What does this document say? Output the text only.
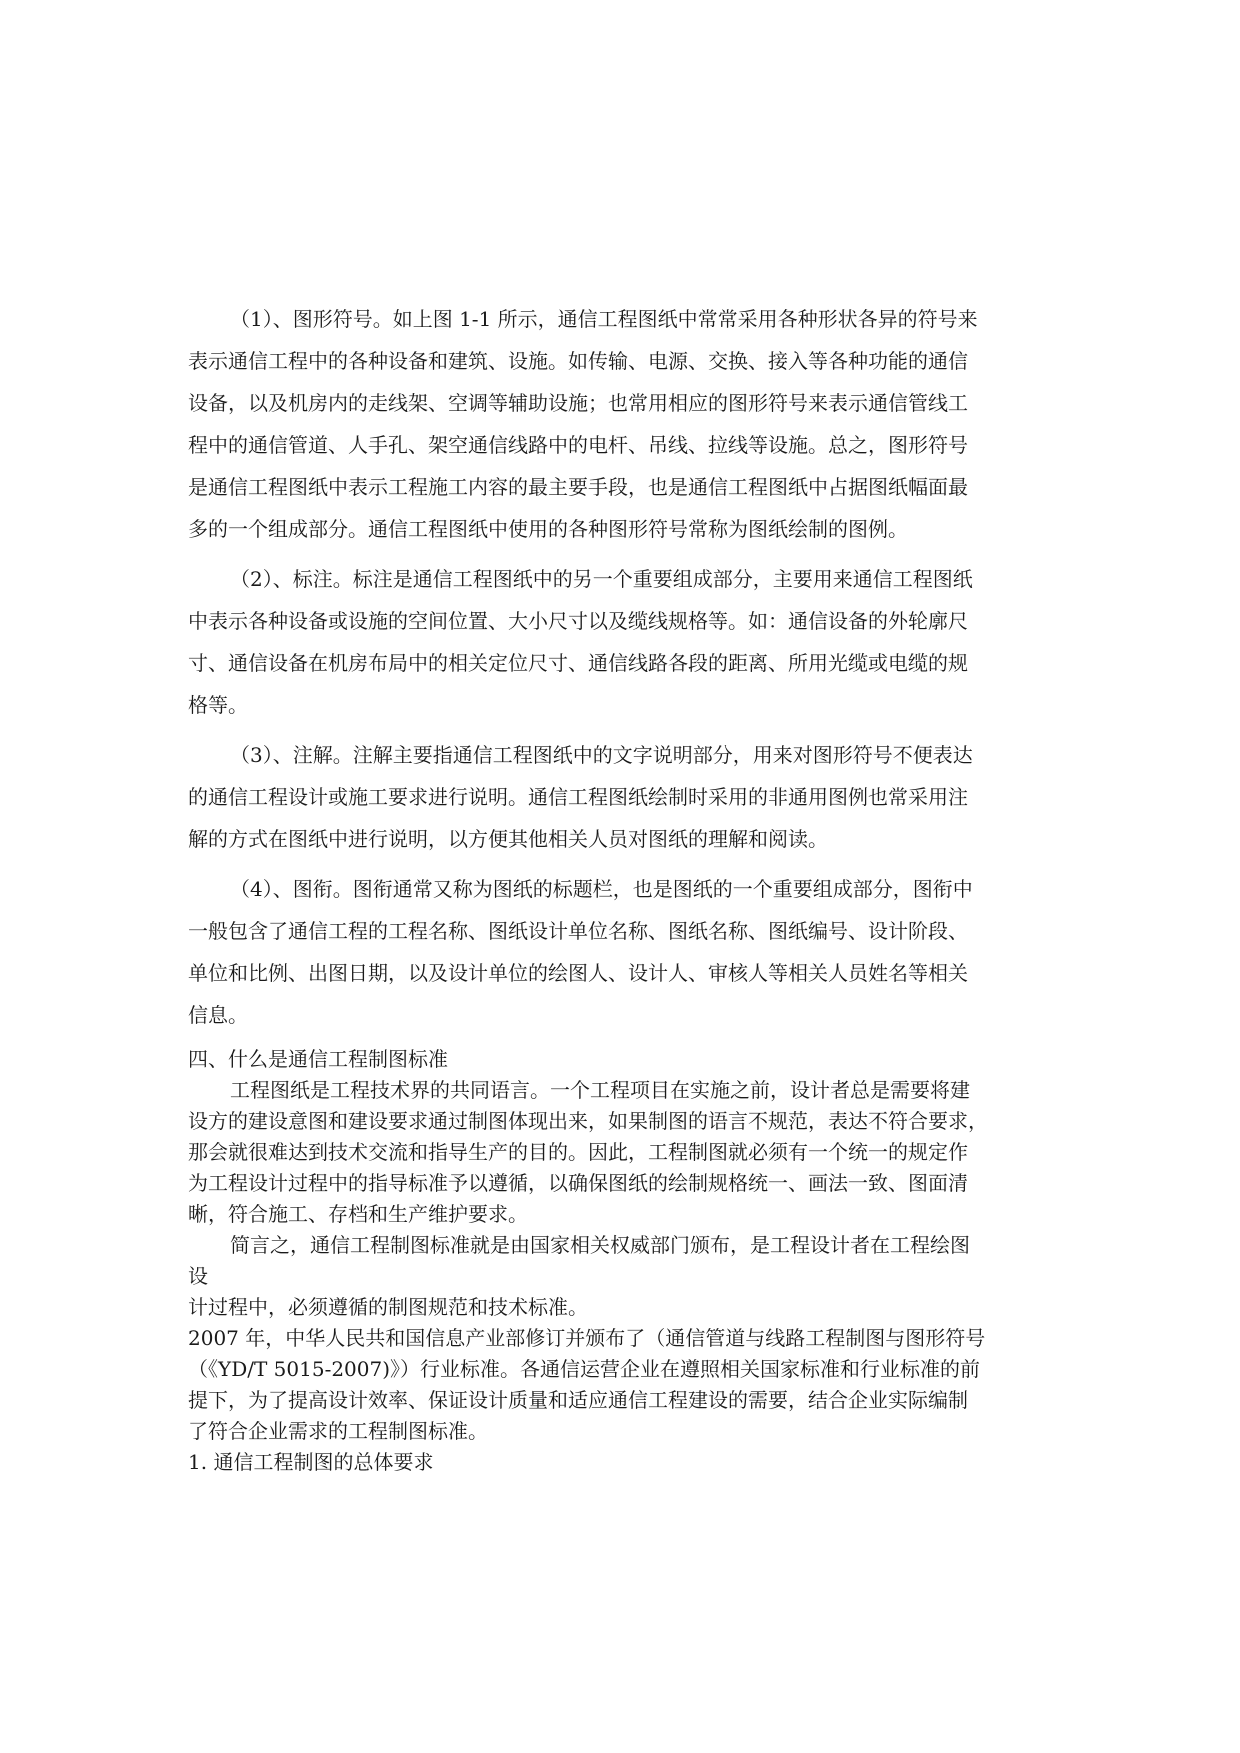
（1）、图形符号。如上图 1-1 所示，通信工程图纸中常常采用各种形状各异的符号来
表示通信工程中的各种设备和建筑、设施。如传输、电源、交换、接入等各种功能的通信
设备，以及机房内的走线架、空调等辅助设施；也常用相应的图形符号来表示通信管线工
程中的通信管道、人手孔、架空通信线路中的电杆、吊线、拉线等设施。总之，图形符号
是通信工程图纸中表示工程施工内容的最主要手段，也是通信工程图纸中占据图纸幅面最
多的一个组成部分。通信工程图纸中使用的各种图形符号常称为图纸绘制的图例。

（2）、标注。标注是通信工程图纸中的另一个重要组成部分，主要用来通信工程图纸
中表示各种设备或设施的空间位置、大小尺寸以及缆线规格等。如：通信设备的外轮廓尺
寸、通信设备在机房布局中的相关定位尺寸、通信线路各段的距离、所用光缆或电缆的规
格等。

（3）、注解。注解主要指通信工程图纸中的文字说明部分，用来对图形符号不便表达
的通信工程设计或施工要求进行说明。通信工程图纸绘制时采用的非通用图例也常采用注
解的方式在图纸中进行说明，以方便其他相关人员对图纸的理解和阅读。

（4）、图衔。图衔通常又称为图纸的标题栏，也是图纸的一个重要组成部分，图衔中
一般包含了通信工程的工程名称、图纸设计单位名称、图纸名称、图纸编号、设计阶段、
单位和比例、出图日期，以及设计单位的绘图人、设计人、审核人等相关人员姓名等相关
信息。

四、什么是通信工程制图标准

工程图纸是工程技术界的共同语言。一个工程项目在实施之前，设计者总是需要将建
设方的建设意图和建设要求通过制图体现出来，如果制图的语言不规范，表达不符合要求，
那会就很难达到技术交流和指导生产的目的。因此，工程制图就必须有一个统一的规定作
为工程设计过程中的指导标准予以遵循，以确保图纸的绘制规格统一、画法一致、图面清
晰，符合施工、存档和生产维护要求。

简言之，通信工程制图标准就是由国家相关权威部门颁布，是工程设计者在工程绘图
设

计过程中，必须遵循的制图规范和技术标准。

2007 年，中华人民共和国信息产业部修订并颁布了（通信管道与线路工程制图与图形符号
（《YD/T 5015-2007)》）行业标准。各通信运营企业在遵照相关国家标准和行业标准的前
提下，为了提高设计效率、保证设计质量和适应通信工程建设的需要，结合企业实际编制
了符合企业需求的工程制图标准。

1. 通信工程制图的总体要求
